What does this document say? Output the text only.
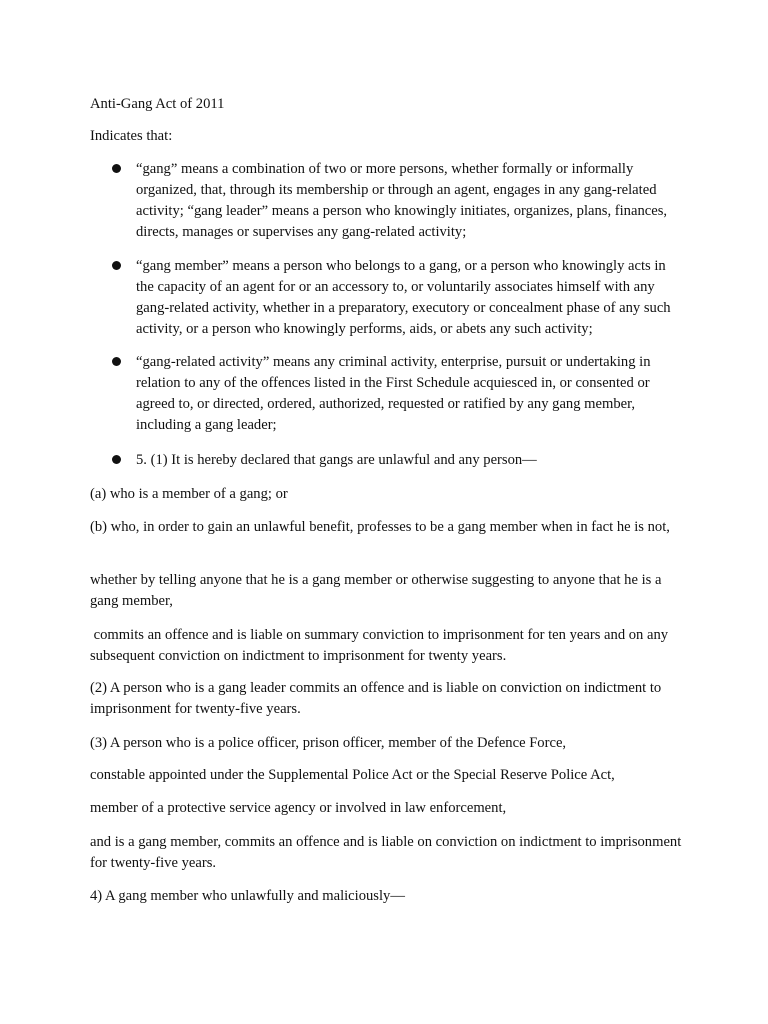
Anti-Gang Act of 2011

Indicates that:

“gang” means a combination of two or more persons, whether formally or informally organized, that, through its membership or through an agent, engages in any gang-related activity; “gang leader” means a person who knowingly initiates, organizes, plans, finances, directs, manages or supervises any gang-related activity;

“gang member” means a person who belongs to a gang, or a person who knowingly acts in the capacity of an agent for or an accessory to, or voluntarily associates himself with any gang-related activity, whether in a preparatory, executory or concealment phase of any such activity, or a person who knowingly performs, aids, or abets any such activity;

“gang-related activity” means any criminal activity, enterprise, pursuit or undertaking in relation to any of the offences listed in the First Schedule acquiesced in, or consented or agreed to, or directed, ordered, authorized, requested or ratified by any gang member, including a gang leader;

5. (1) It is hereby declared that gangs are unlawful and any person—

(a) who is a member of a gang; or

(b) who, in order to gain an unlawful benefit, professes to be a gang member when in fact he is not,

whether by telling anyone that he is a gang member or otherwise suggesting to anyone that he is a gang member,

commits an offence and is liable on summary conviction to imprisonment for ten years and on any subsequent conviction on indictment to imprisonment for twenty years.

(2) A person who is a gang leader commits an offence and is liable on conviction on indictment to imprisonment for twenty-five years.

(3) A person who is a police officer, prison officer, member of the Defence Force,

constable appointed under the Supplemental Police Act or the Special Reserve Police Act,

member of a protective service agency or involved in law enforcement,

and is a gang member, commits an offence and is liable on conviction on indictment to imprisonment for twenty-five years.

4) A gang member who unlawfully and maliciously—
